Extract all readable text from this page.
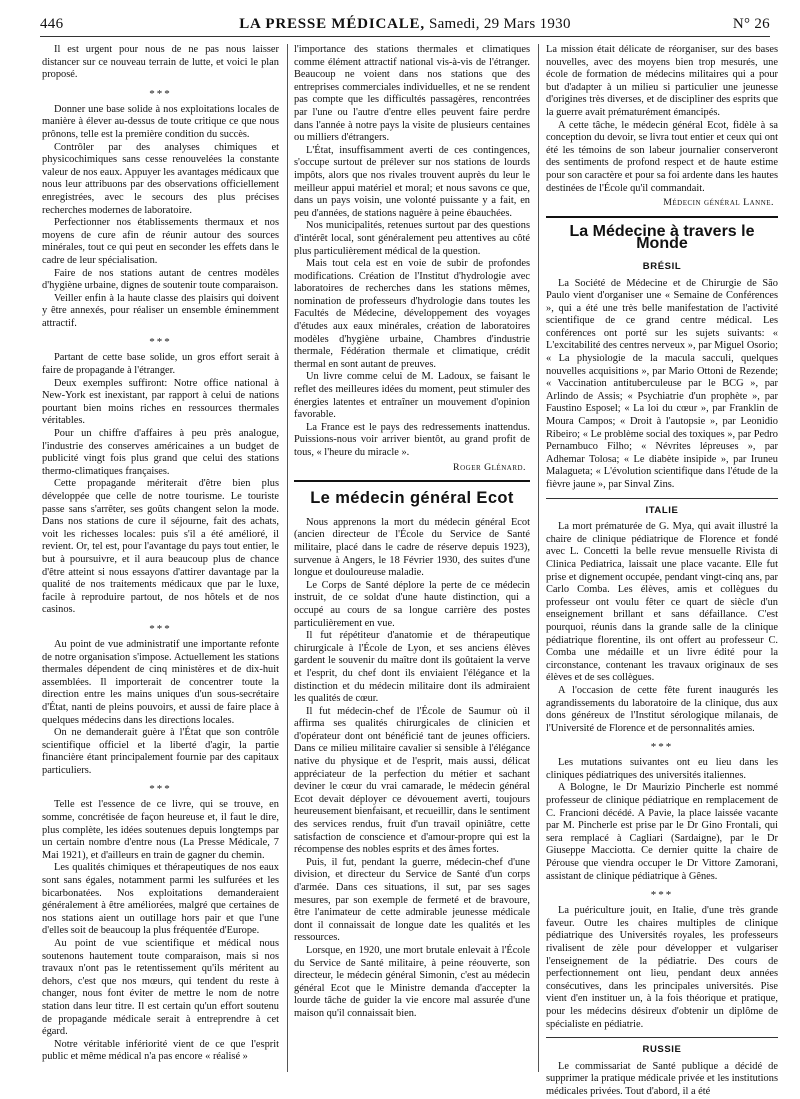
446	LA PRESSE MÉDICALE, Samedi, 29 Mars 1930	N° 26

Il est urgent pour nous de ne pas nous laisser distancer sur ce nouveau terrain de lutte, et voici le plan proposé.

***

Donner une base solide à nos exploitations locales de manière à élever au-dessus de toute critique ce que nous prônons, telle est la première condition du succès.

Contrôler par des analyses chimiques et physicochimiques sans cesse renouvelées la constante valeur de nos eaux. Appuyer les avantages médicaux que nous leur attribuons par des observations officiellement enregistrées, avec le secours des plus précises recherches modernes de laboratoire.

Perfectionner nos établissements thermaux et nos moyens de cure afin de réunir autour des sources minérales, tout ce qui peut en seconder les effets dans le cadre de leur spécialisation.

Faire de nos stations autant de centres modèles d'hygiène urbaine, dignes de soutenir toute comparaison.

Veiller enfin à la haute classe des plaisirs qui doivent y être annexés, pour réaliser un ensemble éminemment attractif.

***

Partant de cette base solide, un gros effort serait à faire de propagande à l'étranger.

Deux exemples suffiront: Notre office national à New-York est inexistant, par rapport à celui de nations pourtant bien moins riches en ressources thermales véritables.

Pour un chiffre d'affaires à peu près analogue, l'industrie des conserves américaines a un budget de publicité vingt fois plus grand que celui des stations thermo-climatiques françaises.

Cette propagande mériterait d'être bien plus développée que celle de notre tourisme. Le touriste passe sans s'arrêter, ses goûts changent selon la mode. Dans nos stations de cure il séjourne, fait des achats, voit les richesses locales: puis s'il a été amélioré, il revient. Or, tel est, pour l'avantage du pays tout entier, le but à poursuivre, et il aura beaucoup plus de chance d'être atteint si nous essayons d'attirer davantage par la qualité de nos traitements médicaux que par le luxe, facile à reproduire partout, de nos hôtels et de nos casinos.

***

Au point de vue administratif une importante refonte de notre organisation s'impose. Actuellement les stations thermales dépendent de cinq ministères et de dix-huit assemblées. Il importerait de concentrer toute la direction entre les mains uniques d'un sous-secrétaire d'État, nanti de pleins pouvoirs, et aussi de faire place à quelques médecins dans les directions locales.

On ne demanderait guère à l'État que son contrôle scientifique officiel et la liberté d'agir, la partie financière étant principalement fournie par des capitaux particuliers.

***

Telle est l'essence de ce livre, qui se trouve, en somme, concrétisée de façon heureuse et, il faut le dire, plus complète, les idées soutenues depuis longtemps par un certain nombre d'entre nous (La Presse Médicale, 7 Mai 1921), et d'ailleurs en train de gagner du chemin.

Les qualités chimiques et thérapeutiques de nos eaux sont sans égales, notamment parmi les sulfurées et les bicarbonatées. Nos exploitations demanderaient généralement à être améliorées, malgré que certaines de nos stations aient un outillage hors pair et que l'une d'elles soit de beaucoup la plus fréquentée d'Europe.

Au point de vue scientifique et médical nous soutenons hautement toute comparaison, mais si nos travaux n'ont pas le retentissement qu'ils méritent au dehors, c'est que nos mœurs, qui tendent du reste à changer, nous font éviter de mettre le nom de notre station dans leur titre. Il est certain qu'un effort soutenu de propagande médicale serait à entreprendre à cet égard.

Notre véritable infériorité vient de ce que l'esprit public et même médical n'a pas encore « réalisé »

l'importance des stations thermales et climatiques comme élément attractif national vis-à-vis de l'étranger. Beaucoup ne voient dans nos stations que des entreprises commerciales individuelles, et ne se rendent pas compte que les difficultés passagères, rencontrées par l'une ou l'autre d'entre elles peuvent faire perdre dans l'année à notre pays la visite de plusieurs centaines ou milliers d'étrangers.

L'État, insuffisamment averti de ces contingences, s'occupe surtout de prélever sur nos stations de lourds impôts, alors que nos rivales trouvent auprès du leur le meilleur appui matériel et moral; et nous savons ce que, dans un pays voisin, une volonté puissante y a fait, en peu d'années, de stations naguère à peine ébauchées.

Nos municipalités, retenues surtout par des questions d'intérêt local, sont généralement peu attentives au côté plus particulièrement médical de la question.

Mais tout cela est en voie de subir de profondes modifications. Création de l'Institut d'hydrologie avec laboratoires de recherches dans les stations mêmes, nomination de professeurs d'hydrologie dans toutes les Facultés de Médecine, développement des voyages d'études aux eaux minérales, création de laboratoires modèles d'hygiène urbaine, Chambres d'industrie thermale, Fédération thermale et climatique, crédit thermal en sont autant de preuves.

Un livre comme celui de M. Ladoux, se faisant le reflet des meilleures idées du moment, peut stimuler des énergies latentes et entraîner un mouvement d'opinion favorable.

La France est le pays des redressements inattendus. Puissions-nous voir arriver bientôt, au grand profit de tous, « l'heure du miracle ».

Roger Glénard.
Le médecin général Ecot

Nous apprenons la mort du médecin général Ecot (ancien directeur de l'École du Service de Santé militaire, placé dans le cadre de réserve depuis 1923), survenue à Angers, le 18 Février 1930, des suites d'une longue et douloureuse maladie.

Le Corps de Santé déplore la perte de ce médecin instruit, de ce soldat d'une haute distinction, qui a occupé au cours de sa longue carrière des postes particulièrement en vue.

Il fut répétiteur d'anatomie et de thérapeutique chirurgicale à l'École de Lyon, et ses anciens élèves gardent le souvenir du maître dont ils goûtaient la verve et l'esprit, du chef dont ils enviaient l'élégance et la distinction et du médecin militaire dont ils admiraient les qualités de cœur.

Il fut médecin-chef de l'École de Saumur où il affirma ses qualités chirurgicales de clinicien et d'opérateur dont ont bénéficié tant de jeunes officiers. Dans ce milieu militaire cavalier si sensible à l'élégance native du physique et de l'esprit, mais aussi, délicat appréciateur de la perfection du métier et sachant deviner le cœur du vrai camarade, le médecin général Ecot devait déployer ce dévouement averti, toujours heureusement bienfaisant, et recueillir, dans le sentiment des services rendus, fruit d'un travail opiniâtre, cette satisfaction de conscience et d'amour-propre qui est la récompense des nobles esprits et des âmes fortes.

Puis, il fut, pendant la guerre, médecin-chef d'une division, et directeur du Service de Santé d'un corps d'armée. Dans ces situations, il sut, par ses sages mesures, par son exemple de fermeté et de bravoure, être l'animateur de cette admirable jeunesse médicale dont il connaissait de longue date les qualités et les ressources.

Lorsque, en 1920, une mort brutale enlevait à l'École du Service de Santé militaire, à peine réouverte, son directeur, le médecin général Simonin, c'est au médecin général Ecot que le Ministre demanda d'accepter la lourde tâche de guider la vie encore mal assurée d'une maison qu'il connaissait bien.

La mission était délicate de réorganiser, sur des bases nouvelles, avec des moyens bien trop mesurés, une école de formation de médecins militaires qui a pour but d'adapter à un milieu si particulier une jeunesse d'origines très diverses, et de discipliner des esprits que la guerre avait prématurément émancipés.

A cette tâche, le médecin général Ecot, fidèle à sa conception du devoir, se livra tout entier et ceux qui ont été les témoins de son labeur journalier conserveront des sentiments de profond respect et de haute estime pour son caractère et pour sa foi ardente dans les hautes destinées de l'École qu'il commandait.

Médecin général Lanne.
La Médecine à travers le Monde
BRÉSIL

La Société de Médecine et de Chirurgie de São Paulo vient d'organiser une « Semaine de Conférences », qui a été une très belle manifestation de l'activité scientifique de ce grand centre médical. Les conférences ont porté sur les sujets suivants: « L'excitabilité des centres nerveux », par Miguel Osorio; « La physiologie de la macula sacculi, quelques nouvelles acquisitions », par Mario Ottoni de Rezende; « Vaccination antituberculeuse par le BCG », par Arlindo de Assis; « Psychiatrie d'un prophète », par Faustino Esposel; « La loi du cœur », par Franklin de Moura Campos; « Droit à l'autopsie », par Leonidio Ribeiro; « Le problème social des toxiques », par Pedro Pernambuco Filho; « Névrites lépreuses », par Adhemar Tolosa; « Le diabète insipide », par Iruneu Malagueta; « L'évolution scientifique dans l'étude de la fièvre jaune », par Sinval Zins.

ITALIE

La mort prématurée de G. Mya, qui avait illustré la chaire de clinique pédiatrique de Florence et fondé avec L. Concetti la belle revue mensuelle Rivista di Clinica Pediatrica, laissait une place vacante. Elle fut prise et dignement occupée, pendant vingt-cinq ans, par Carlo Comba. Les élèves, amis et collègues du professeur ont voulu fêter ce quart de siècle d'un enseignement brillant et sans défaillance. C'est pourquoi, réunis dans la grande salle de la clinique pédiatrique florentine, ils ont offert au professeur C. Comba une médaille et un livre édité pour la circonstance, contenant les travaux originaux de ses élèves et de ses collègues.

A l'occasion de cette fête furent inaugurés les agrandissements du laboratoire de la clinique, dus aux dons généreux de l'Institut sérologique milanais, de l'Université de Florence et de personnalités amies.

***

Les mutations suivantes ont eu lieu dans les cliniques pédiatriques des universités italiennes.

A Bologne, le Dr Maurizio Pincherle est nommé professeur de clinique pédiatrique en remplacement de C. Francioni décédé. A Pavie, la place laissée vacante par M. Pincherle est prise par le Dr Gino Frontali, qui sera remplacé à Cagliari (Sardaigne), par le Dr Giuseppe Macciotta. Ce dernier quitte la chaire de Pérouse que viendra occuper le Dr Vittore Zamorani, assistant de clinique pédiatrique à Gênes.

***

La puériculture jouit, en Italie, d'une très grande faveur. Outre les chaires multiples de clinique pédiatrique des Universités royales, les professeurs rivalisent de zèle pour développer et vulgariser l'enseignement de la pédiatrie. Des cours de perfectionnement ont lieu, pendant deux années consécutives, dans les principales universités. Pise vient d'en instituer un, à la fois théorique et pratique, pour les médecins désireux d'obtenir un diplôme de spécialiste en pédiatrie.

RUSSIE

Le commissariat de Santé publique a décidé de supprimer la pratique médicale privée et les institutions médicales privées. Tout d'abord, il a été
